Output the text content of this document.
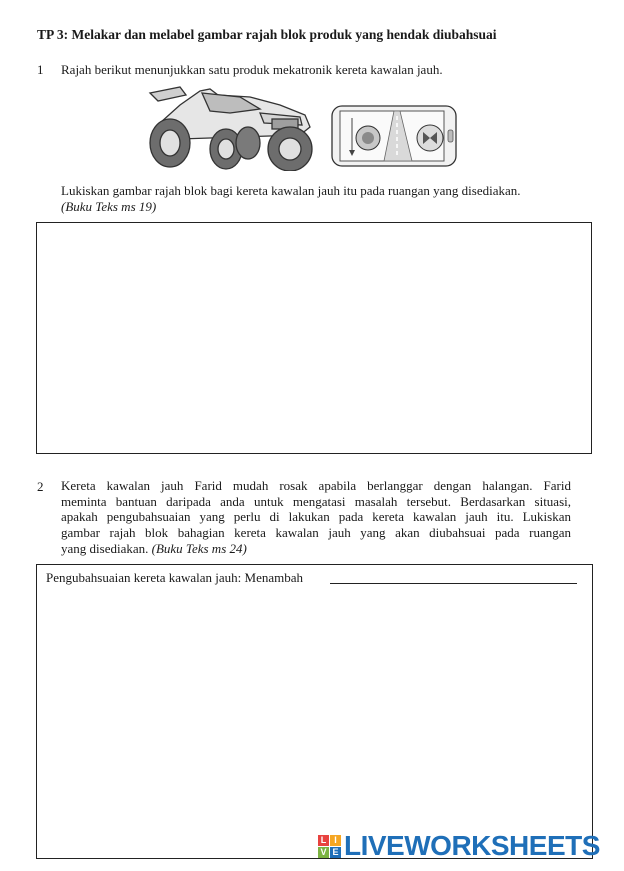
TP 3: Melakar dan melabel gambar rajah blok produk yang hendak diubahsuai
1 Rajah berikut menunjukkan satu produk mekatronik kereta kawalan jauh.
Lukiskan gambar rajah blok bagi kereta kawalan jauh itu pada ruangan yang disediakan.
(Buku Teks ms 19)
2 Kereta kawalan jauh Farid mudah rosak apabila berlanggar dengan halangan. Farid
meminta bantuan daripada anda untuk mengatasi masalah tersebut. Berdasarkan situasi,
apakah pengubahsuaian yang perlu di lakukan pada kereta kawalan jauh itu. Lukiskan
gambar rajah blok bahagian kereta kawalan jauh yang akan diubahsuai pada ruangan
yang disediakan. (Buku Teks ms 24)
Pengubahsuaian kereta kawalan jauh: Menambah
L I
V E LIVEWORKSHEETS
